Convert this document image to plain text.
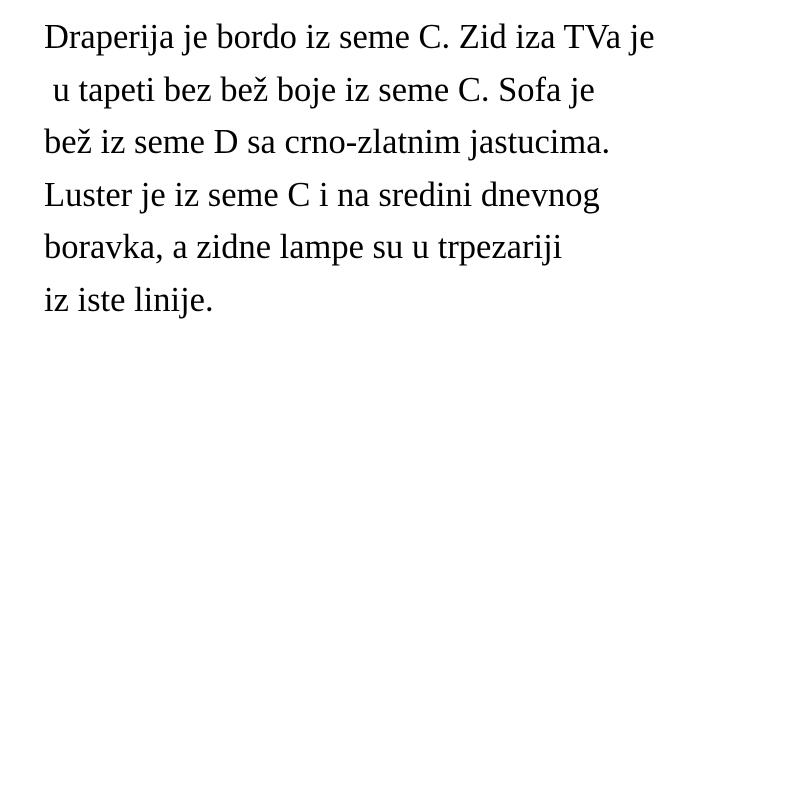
Draperija je bordo iz seme C. Zid iza TVa je
u tapeti bez bež boje iz seme C. Sofa je
bež iz seme D sa crno-zlatnim jastucima.
Luster je iz seme C i na sredini dnevnog
boravka, a zidne lampe su u trpezariji
iz iste linije.
